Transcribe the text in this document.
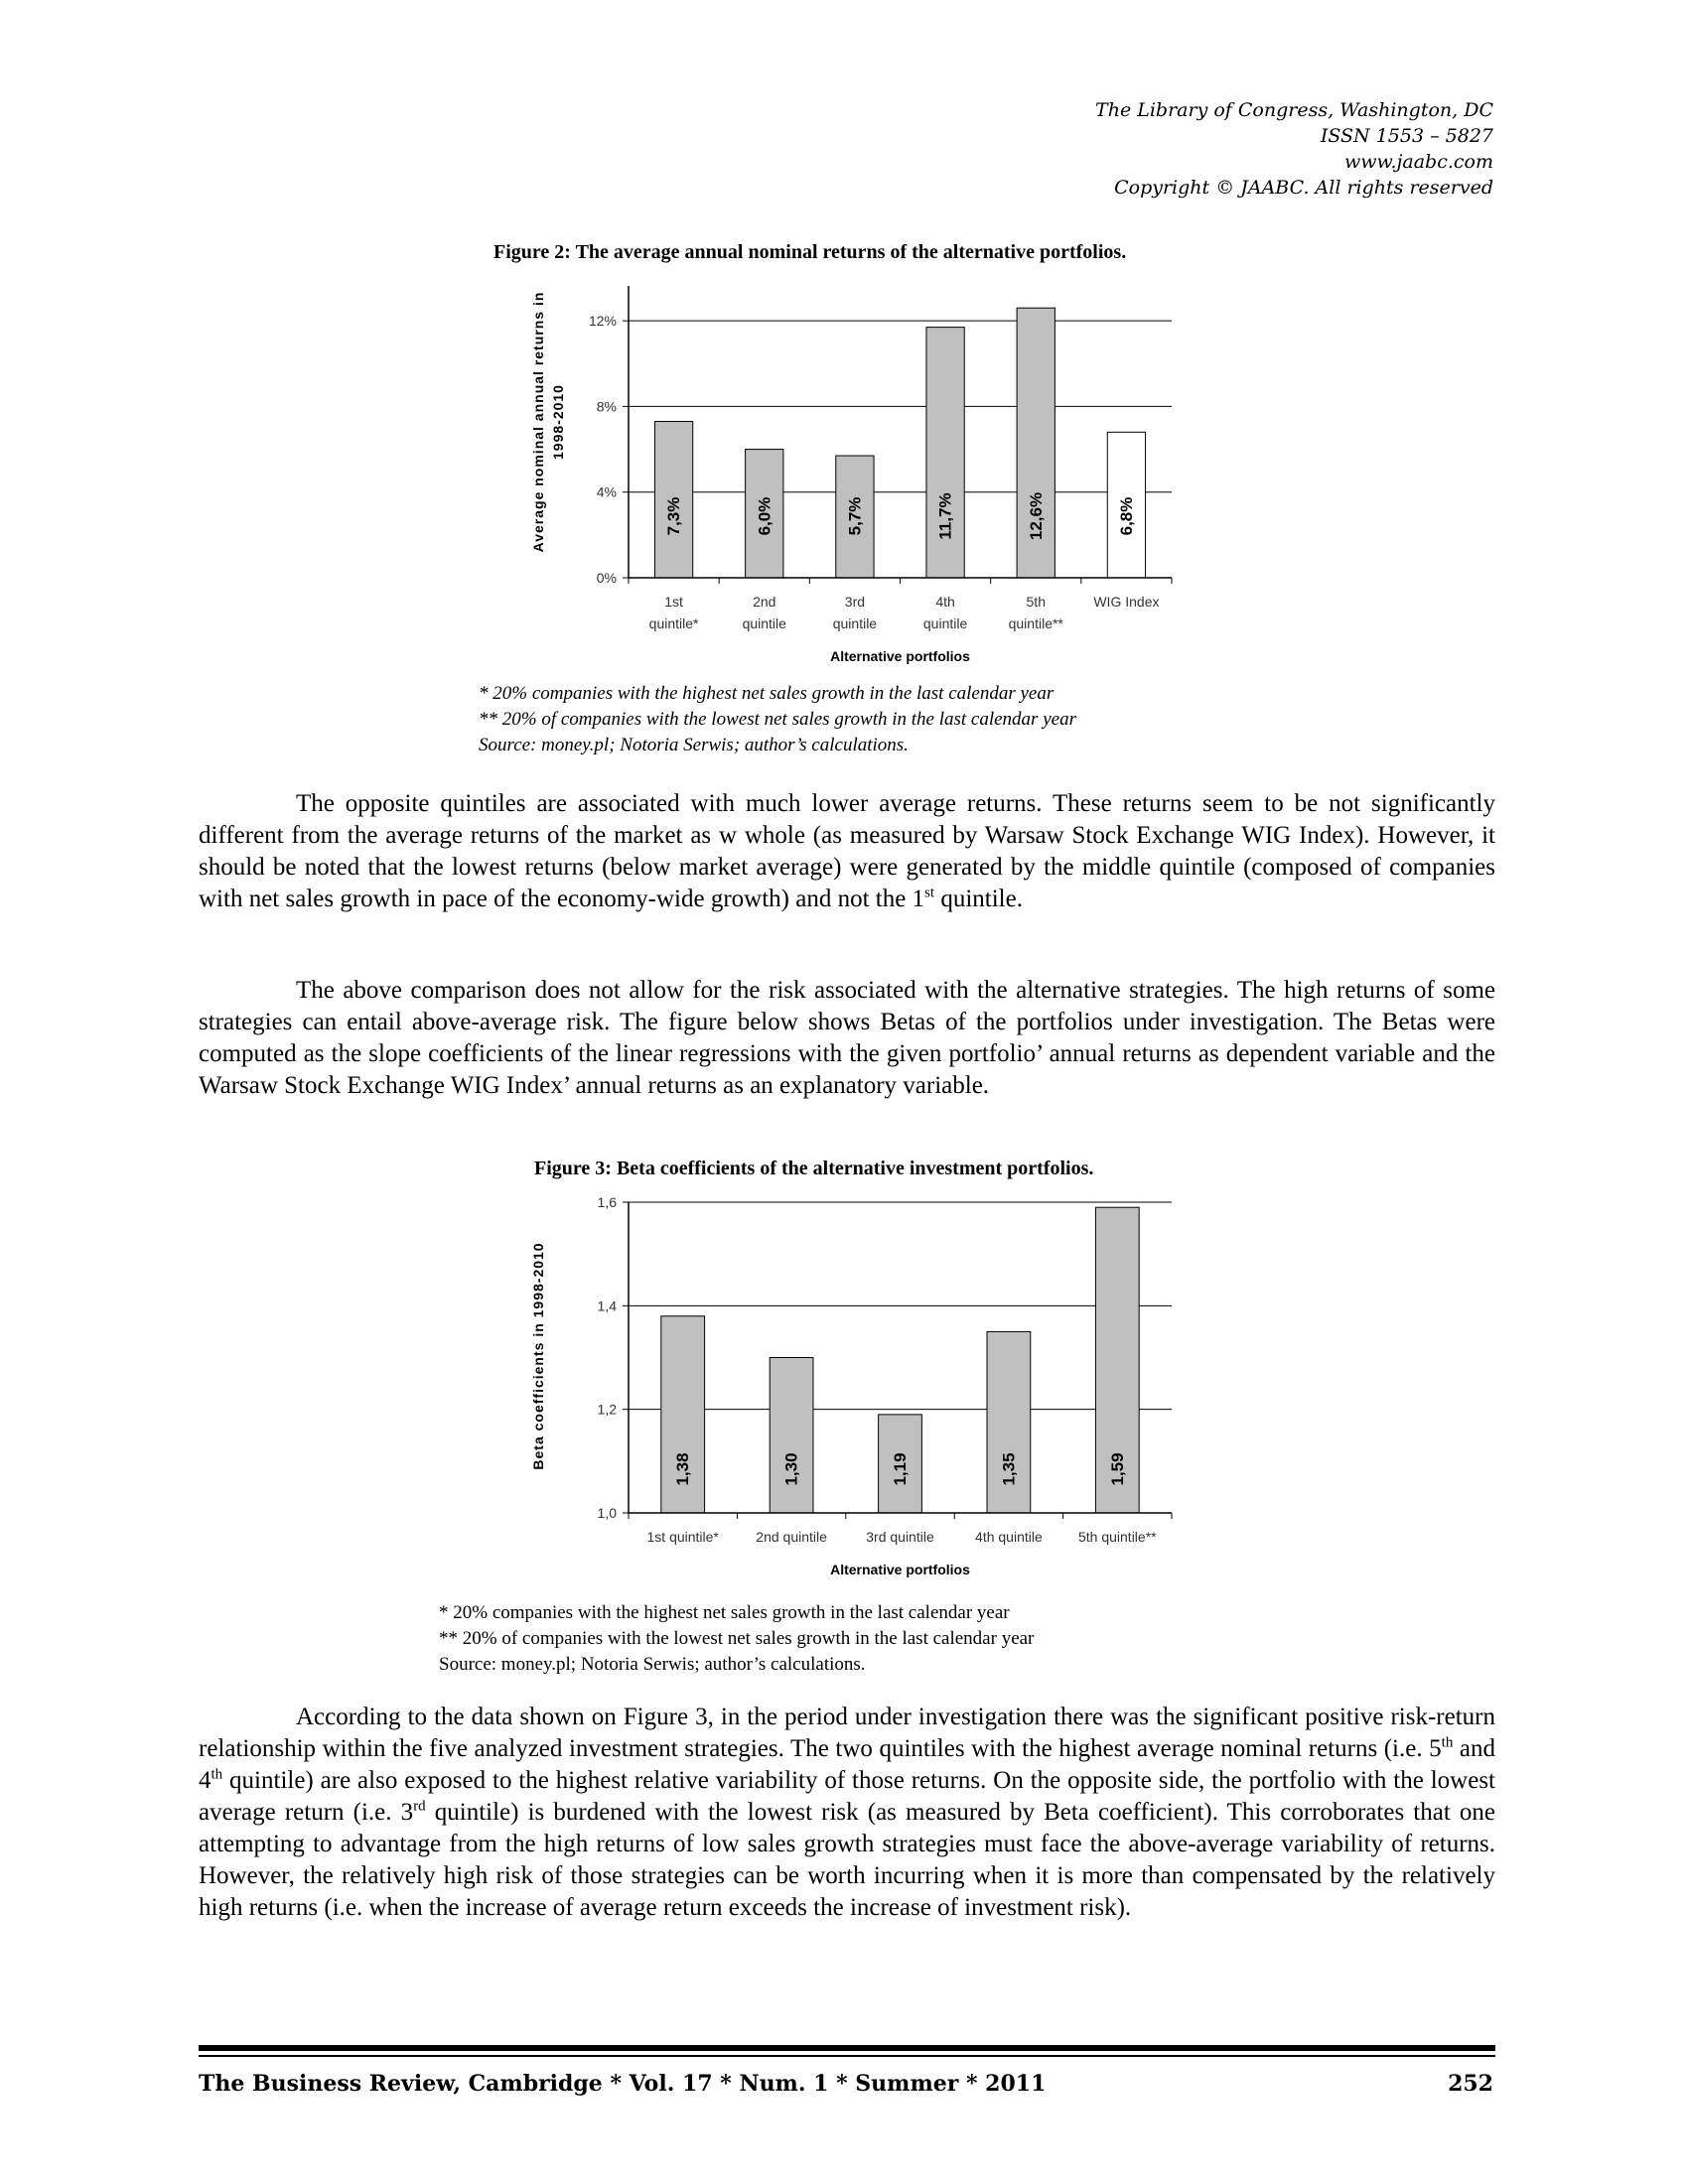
The Library of Congress, Washington, DC
ISSN 1553 – 5827
www.jaabc.com
Copyright © JAABC. All rights reserved
Figure 2: The average annual nominal returns of the alternative portfolios.
0%
4%
8%
12%
7,3%
1st
quintile*
6,0%
2nd
quintile
5,7%
3rd
quintile
11,7%
4th
quintile
12,6%
5th
quintile**
6,8%
WIG Index
Alternative portfolios
Average nominal annual returns in 1998-2010
* 20% companies with the highest net sales growth in the last calendar year
** 20% of companies with the lowest net sales growth in the last calendar year
Source: money.pl; Notoria Serwis; author’s calculations.

The opposite quintiles are associated with much lower average returns. These returns seem to be not significantly different from the average returns of the market as w whole (as measured by Warsaw Stock Exchange WIG Index). However, it should be noted that the lowest returns (below market average) were generated by the middle quintile (composed of companies with net sales growth in pace of the economy-wide growth) and not the 1st quintile.

The above comparison does not allow for the risk associated with the alternative strategies. The high returns of some strategies can entail above-average risk. The figure below shows Betas of the portfolios under investigation. The Betas were computed as the slope coefficients of the linear regressions with the given portfolio’ annual returns as dependent variable and the Warsaw Stock Exchange WIG Index’ annual returns as an explanatory variable.

Figure 3: Beta coefficients of the alternative investment portfolios.
1,0
1,2
1,4
1,6
1,38
1st quintile*
1,30
2nd quintile
1,19
3rd quintile
1,35
4th quintile
1,59
5th quintile**
Alternative portfolios
Beta coefficients in 1998-2010
* 20% companies with the highest net sales growth in the last calendar year
** 20% of companies with the lowest net sales growth in the last calendar year
Source: money.pl; Notoria Serwis; author’s calculations.

According to the data shown on Figure 3, in the period under investigation there was the significant positive risk-return relationship within the five analyzed investment strategies. The two quintiles with the highest average nominal returns (i.e. 5th and 4th quintile) are also exposed to the highest relative variability of those returns. On the opposite side, the portfolio with the lowest average return (i.e. 3rd quintile) is burdened with the lowest risk (as measured by Beta coefficient). This corroborates that one attempting to advantage from the high returns of low sales growth strategies must face the above-average variability of returns. However, the relatively high risk of those strategies can be worth incurring when it is more than compensated by the relatively high returns (i.e. when the increase of average return exceeds the increase of investment risk).

The Business Review, Cambridge * Vol. 17 * Num. 1 * Summer * 2011	252
